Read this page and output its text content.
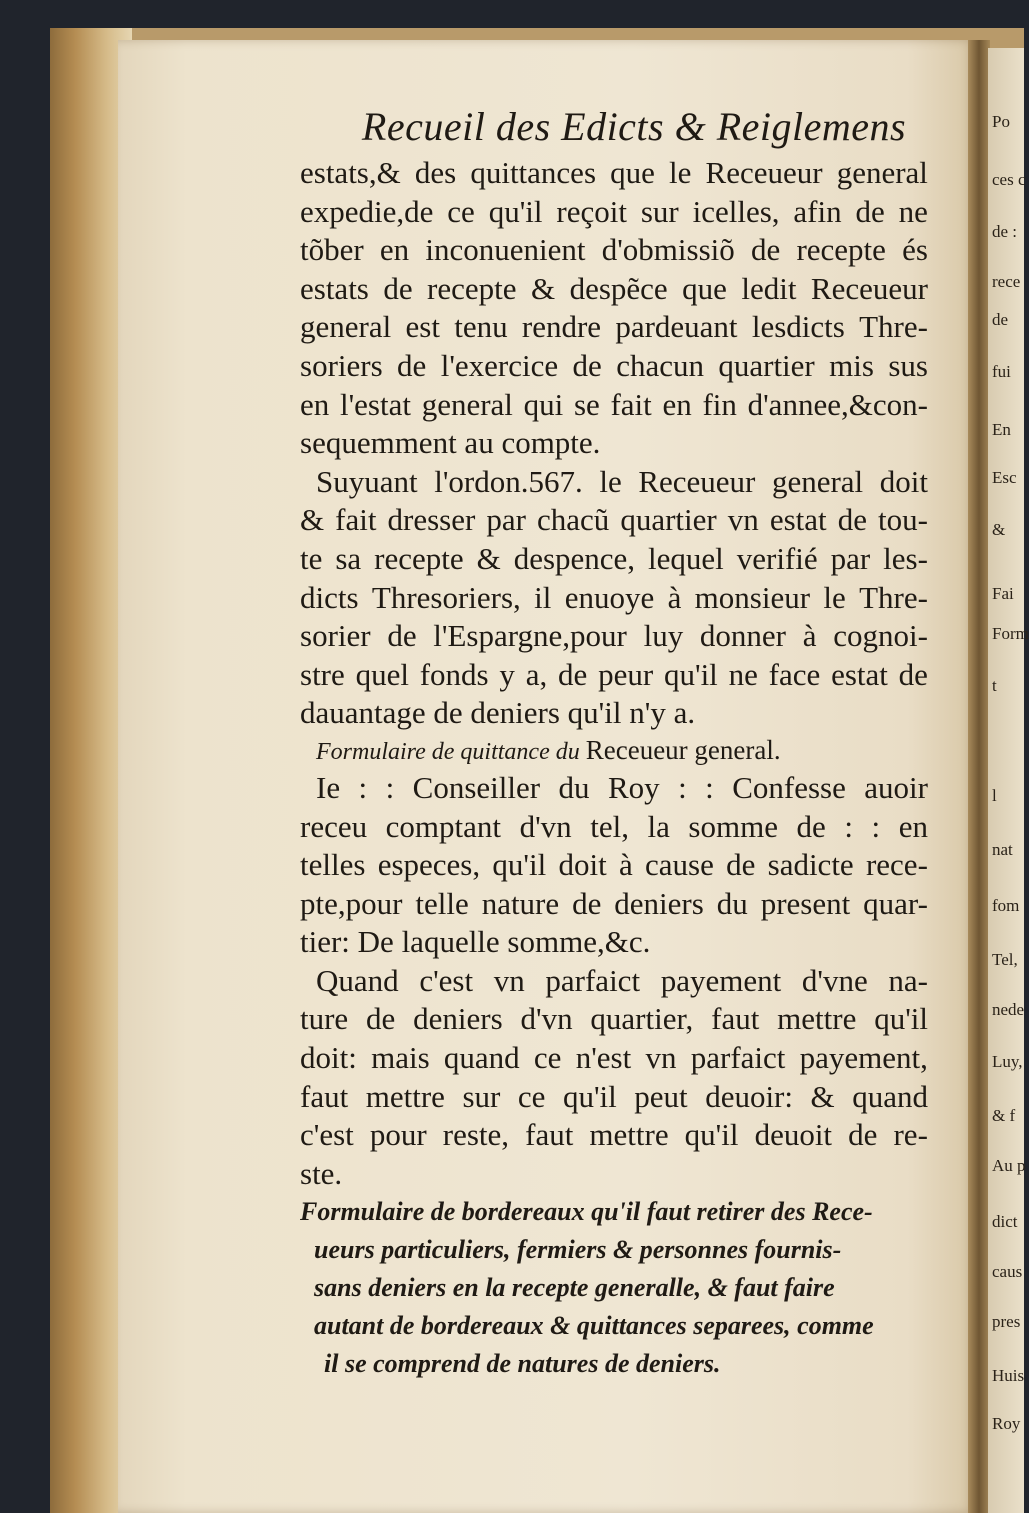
Po
ces c
de :
rece
de
fui
En
Esc
&
Fai
Form
t
l
nat
fom
Tel,
nede
Luy,
& f
Au p
dict
caus
pres
Huis
Roy
Recueil des Edicts & Reiglemens
estats,& des quittances que le Receueur general
expedie,de ce qu'il reçoit sur icelles, afin de ne
tõber en inconuenient d'obmissiõ de recepte és
estats de recepte & despẽce que ledit Receueur
general est tenu rendre pardeuant lesdicts Thre-
soriers de l'exercice de chacun quartier mis sus
en l'estat general qui se fait en fin d'annee,&con-
sequemment au compte.
Suyuant l'ordon.567. le Receueur general doit
& fait dresser par chacũ quartier vn estat de tou-
te sa recepte & despence, lequel verifié par les-
dicts Thresoriers, il enuoye à monsieur le Thre-
sorier de l'Espargne,pour luy donner à cognoi-
stre quel fonds y a, de peur qu'il ne face estat de
dauantage de deniers qu'il n'y a.
Formulaire de quittance du Receueur general.
Ie : : Conseiller du Roy : : Confesse auoir
receu comptant d'vn tel, la somme de : : en
telles especes, qu'il doit à cause de sadicte rece-
pte,pour telle nature de deniers du present quar-
tier: De laquelle somme,&c.
Quand c'est vn parfaict payement d'vne na-
ture de deniers d'vn quartier, faut mettre qu'il
doit: mais quand ce n'est vn parfaict payement,
faut mettre sur ce qu'il peut deuoir: & quand
c'est pour reste, faut mettre qu'il deuoit de re-
ste.
Formulaire de bordereaux qu'il faut retirer des Rece-
ueurs particuliers, fermiers & personnes fournis-
sans deniers en la recepte generalle, & faut faire
autant de bordereaux & quittances separees, comme
il se comprend de natures de deniers.
